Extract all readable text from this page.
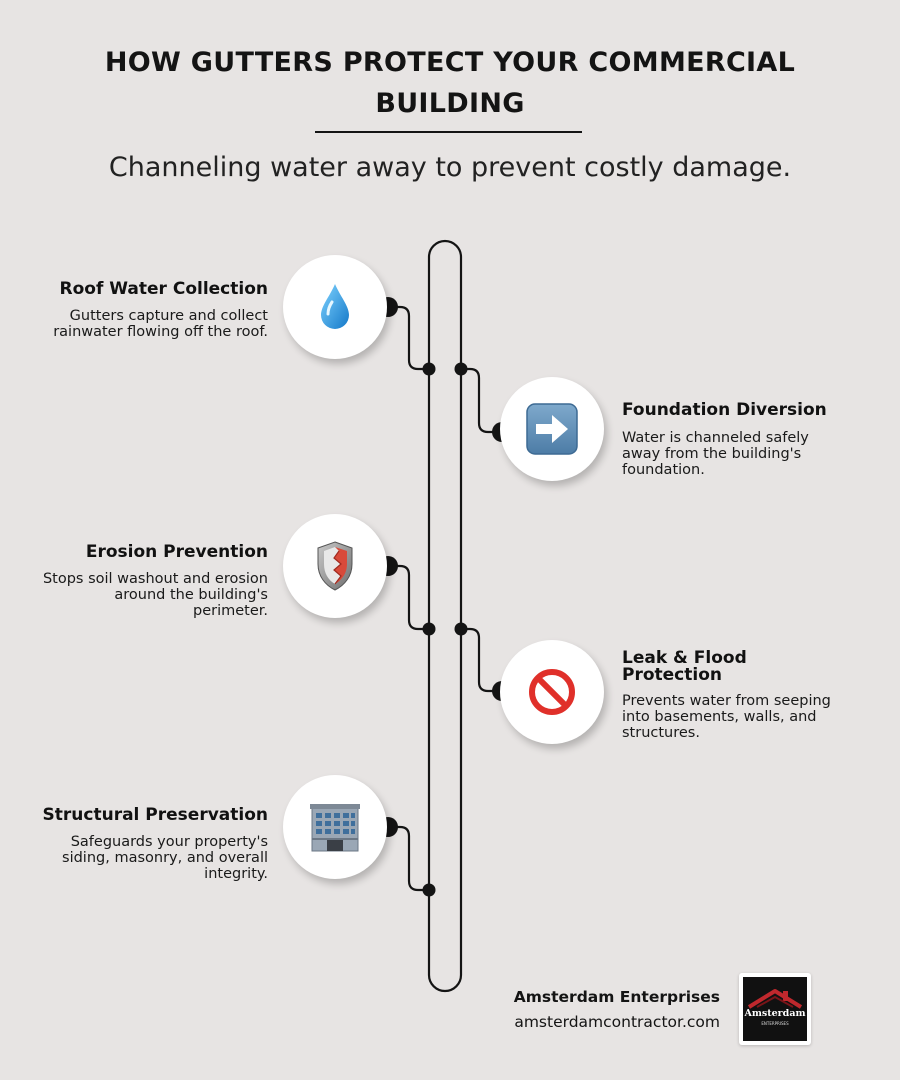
HOW GUTTERS PROTECT YOUR COMMERCIAL BUILDING
Channeling water away to prevent costly damage.
Roof Water Collection
Gutters capture and collect rainwater flowing off the roof.
Foundation Diversion
Water is channeled safely away from the building's foundation.
Erosion Prevention
Stops soil washout and erosion around the building's perimeter.
Leak & Flood Protection
Prevents water from seeping into basements, walls, and structures.
Structural Preservation
Safeguards your property's siding, masonry, and overall integrity.
Amsterdam Enterprises
amsterdamcontractor.com	Amsterdam
ENTERPRISES
